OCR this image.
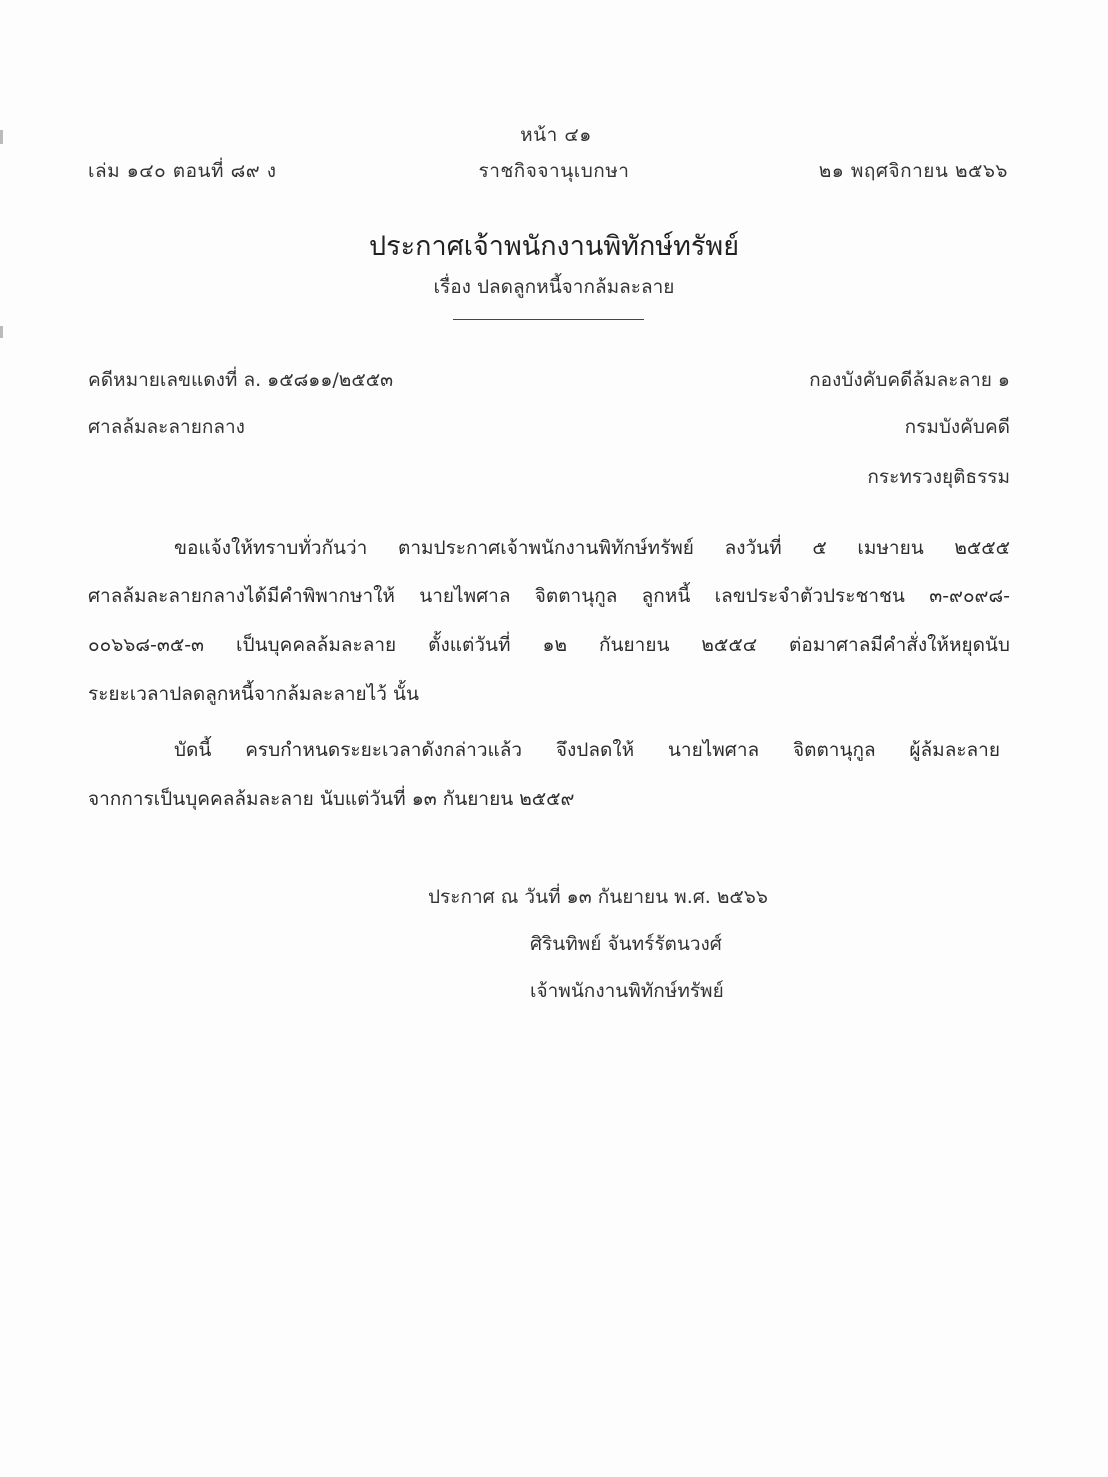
หน้า ๔๑
เล่ม ๑๔๐ ตอนที่ ๘๙ ง	ราชกิจจานุเบกษา	๒๑ พฤศจิกายน ๒๕๖๖
ประกาศเจ้าพนักงานพิทักษ์ทรัพย์
เรื่อง ปลดลูกหนี้จากล้มละลาย
คดีหมายเลขแดงที่ ล. ๑๕๘๑๑/๒๕๕๓
ศาลล้มละลายกลาง
กองบังคับคดีล้มละลาย ๑
กรมบังคับคดี
กระทรวงยุติธรรม
ขอแจ้งให้ทราบทั่วกันว่า ตามประกาศเจ้าพนักงานพิทักษ์ทรัพย์ ลงวันที่ ๕ เมษายน ๒๕๕๕
ศาลล้มละลายกลางได้มีคำพิพากษาให้ นายไพศาล จิตตานุกูล ลูกหนี้ เลขประจำตัวประชาชน ๓-๙๐๙๘-
๐๐๖๖๘-๓๕-๓ เป็นบุคคลล้มละลาย ตั้งแต่วันที่ ๑๒ กันยายน ๒๕๕๔ ต่อมาศาลมีคำสั่งให้หยุดนับ
ระยะเวลาปลดลูกหนี้จากล้มละลายไว้ นั้น
บัดนี้ ครบกำหนดระยะเวลาดังกล่าวแล้ว จึงปลดให้ นายไพศาล จิตตานุกูล ผู้ล้มละลาย
จากการเป็นบุคคลล้มละลาย นับแต่วันที่ ๑๓ กันยายน ๒๕๕๙
ประกาศ ณ วันที่ ๑๓ กันยายน พ.ศ. ๒๕๖๖
ศิรินทิพย์ จันทร์รัตนวงศ์
เจ้าพนักงานพิทักษ์ทรัพย์
